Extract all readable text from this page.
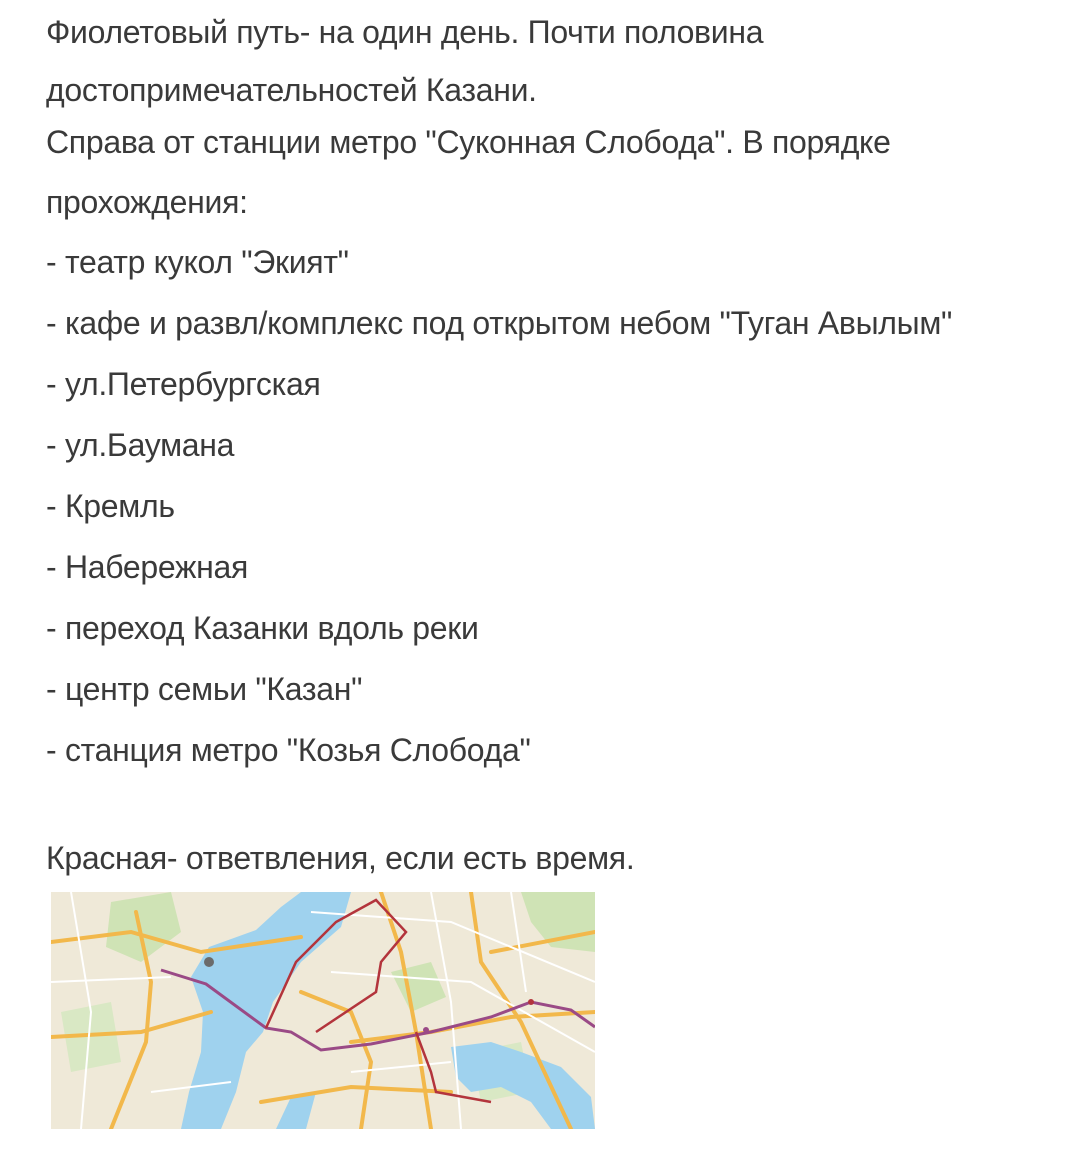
Фиолетовый путь- на один день. Почти половина
достопримечательностей Казани.
Справа от станции метро "Суконная Слобода". В порядке
прохождения:
- театр кукол "Экият"
- кафе и развл/комплекс под открытом небом "Туган Авылым"
- ул.Петербургская
- ул.Баумана
- Кремль
- Набережная
- переход Казанки вдоль реки
- центр семьи "Казан"
- станция метро "Козья Слобода"
Красная- ответвления, если есть время.
